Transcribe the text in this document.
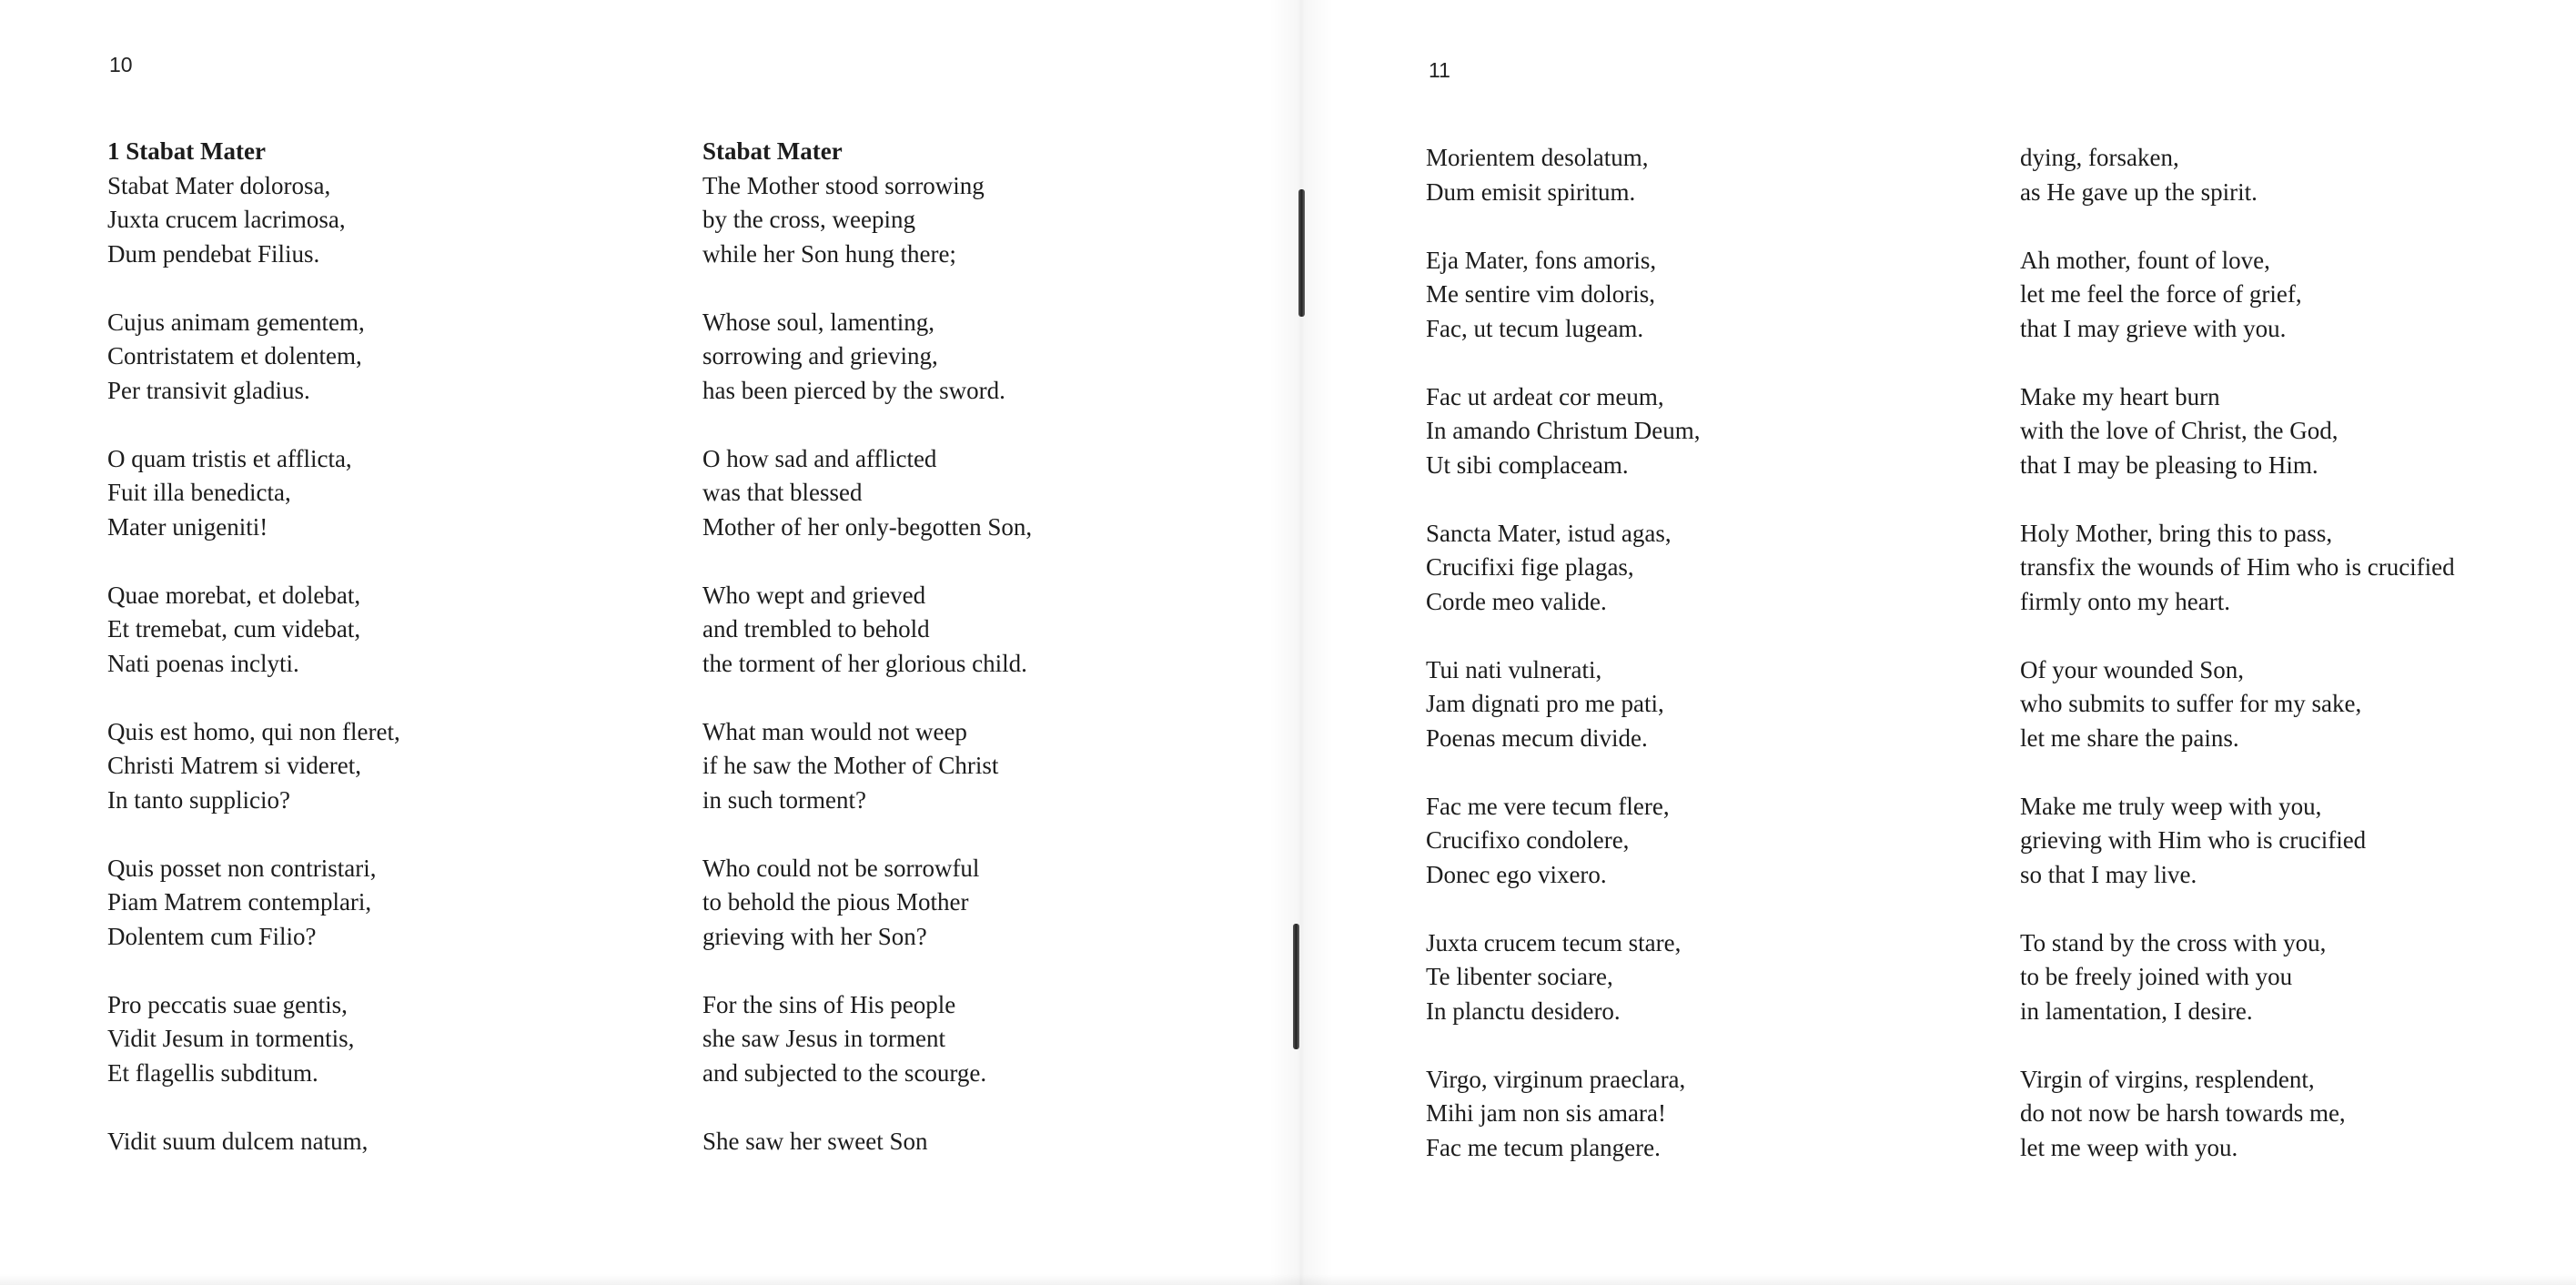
10
1 Stabat Mater
Stabat Mater dolorosa,
Juxta crucem lacrimosa,
Dum pendebat Filius.
Cujus animam gementem,
Contristatem et dolentem,
Per transivit gladius.
O quam tristis et afflicta,
Fuit illa benedicta,
Mater unigeniti!
Quae morebat, et dolebat,
Et tremebat, cum videbat,
Nati poenas inclyti.
Quis est homo, qui non fleret,
Christi Matrem si videret,
In tanto supplicio?
Quis posset non contristari,
Piam Matrem contemplari,
Dolentem cum Filio?
Pro peccatis suae gentis,
Vidit Jesum in tormentis,
Et flagellis subditum.
Vidit suum dulcem natum,
Stabat Mater
The Mother stood sorrowing
by the cross, weeping
while her Son hung there;
Whose soul, lamenting,
sorrowing and grieving,
has been pierced by the sword.
O how sad and afflicted
was that blessed
Mother of her only-begotten Son,
Who wept and grieved
and trembled to behold
the torment of her glorious child.
What man would not weep
if he saw the Mother of Christ
in such torment?
Who could not be sorrowful
to behold the pious Mother
grieving with her Son?
For the sins of His people
she saw Jesus in torment
and subjected to the scourge.
She saw her sweet Son
11
Morientem desolatum,
Dum emisit spiritum.
Eja Mater, fons amoris,
Me sentire vim doloris,
Fac, ut tecum lugeam.
Fac ut ardeat cor meum,
In amando Christum Deum,
Ut sibi complaceam.
Sancta Mater, istud agas,
Crucifixi fige plagas,
Corde meo valide.
Tui nati vulnerati,
Jam dignati pro me pati,
Poenas mecum divide.
Fac me vere tecum flere,
Crucifixo condolere,
Donec ego vixero.
Juxta crucem tecum stare,
Te libenter sociare,
In planctu desidero.
Virgo, virginum praeclara,
Mihi jam non sis amara!
Fac me tecum plangere.
dying, forsaken,
as He gave up the spirit.
Ah mother, fount of love,
let me feel the force of grief,
that I may grieve with you.
Make my heart burn
with the love of Christ, the God,
that I may be pleasing to Him.
Holy Mother, bring this to pass,
transfix the wounds of Him who is crucified
firmly onto my heart.
Of your wounded Son,
who submits to suffer for my sake,
let me share the pains.
Make me truly weep with you,
grieving with Him who is crucified
so that I may live.
To stand by the cross with you,
to be freely joined with you
in lamentation, I desire.
Virgin of virgins, resplendent,
do not now be harsh towards me,
let me weep with you.
